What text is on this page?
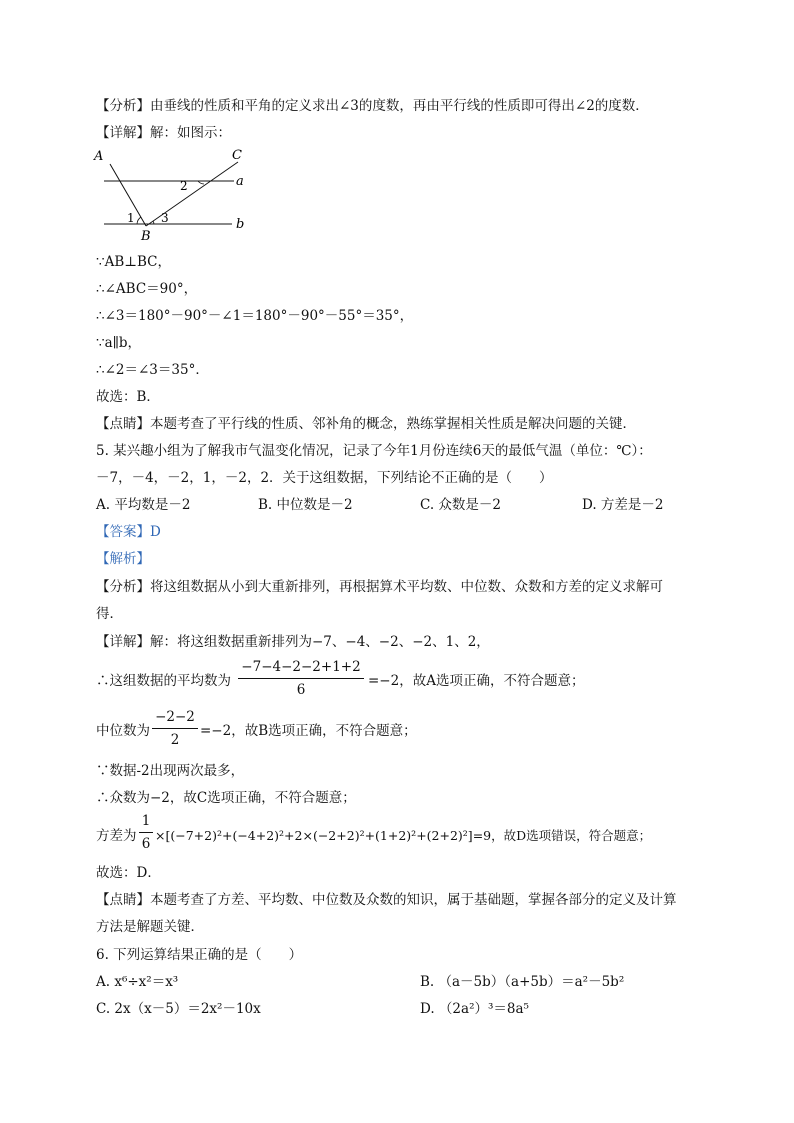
【分析】由垂线的性质和平角的定义求出∠3的度数，再由平行线的性质即可得出∠2的度数．
【详解】解：如图示：
A	C
a
b
B
1
2
3
∵AB⊥BC，
∴∠ABC＝90°，
∴∠3＝180°－90°－∠1＝180°－90°－55°＝35°，
∵a∥b，
∴∠2＝∠3＝35°．
故选：B．
【点睛】本题考查了平行线的性质、邻补角的概念，熟练掌握相关性质是解决问题的关键．
5. 某兴趣小组为了解我市气温变化情况，记录了今年1月份连续6天的最低气温（单位：℃）：
－7，－4，－2，1，－2，2．关于这组数据，下列结论不正确的是（　　）
A. 平均数是－2	B. 中位数是－2	C. 众数是－2	D. 方差是－2
【答案】D
【解析】
【分析】将这组数据从小到大重新排列，再根据算术平均数、中位数、众数和方差的定义求解可
得．
【详解】解：将这组数据重新排列为−7、−4、−2、−2、1、2，
∴这组数据的平均数为
−7−4−2−2+1+2
6
=−2，故A选项正确，不符合题意；
中位数为
−2−2
2
=−2，故B选项正确，不符合题意；
∵数据-2出现两次最多，
∴众数为−2，故C选项正确，不符合题意；
方差为
1
6
×[(−7+2)²+(−4+2)²+2×(−2+2)²+(1+2)²+(2+2)²]=9，故D选项错误，符合题意；
故选：D．
【点睛】本题考查了方差、平均数、中位数及众数的知识，属于基础题，掌握各部分的定义及计算
方法是解题关键．
6. 下列运算结果正确的是（　　）
A. x⁶÷x²＝x³	B. （a－5b）（a+5b）＝a²－5b²
C. 2x（x－5）＝2x²－10x	D. （2a²）³＝8a⁵
